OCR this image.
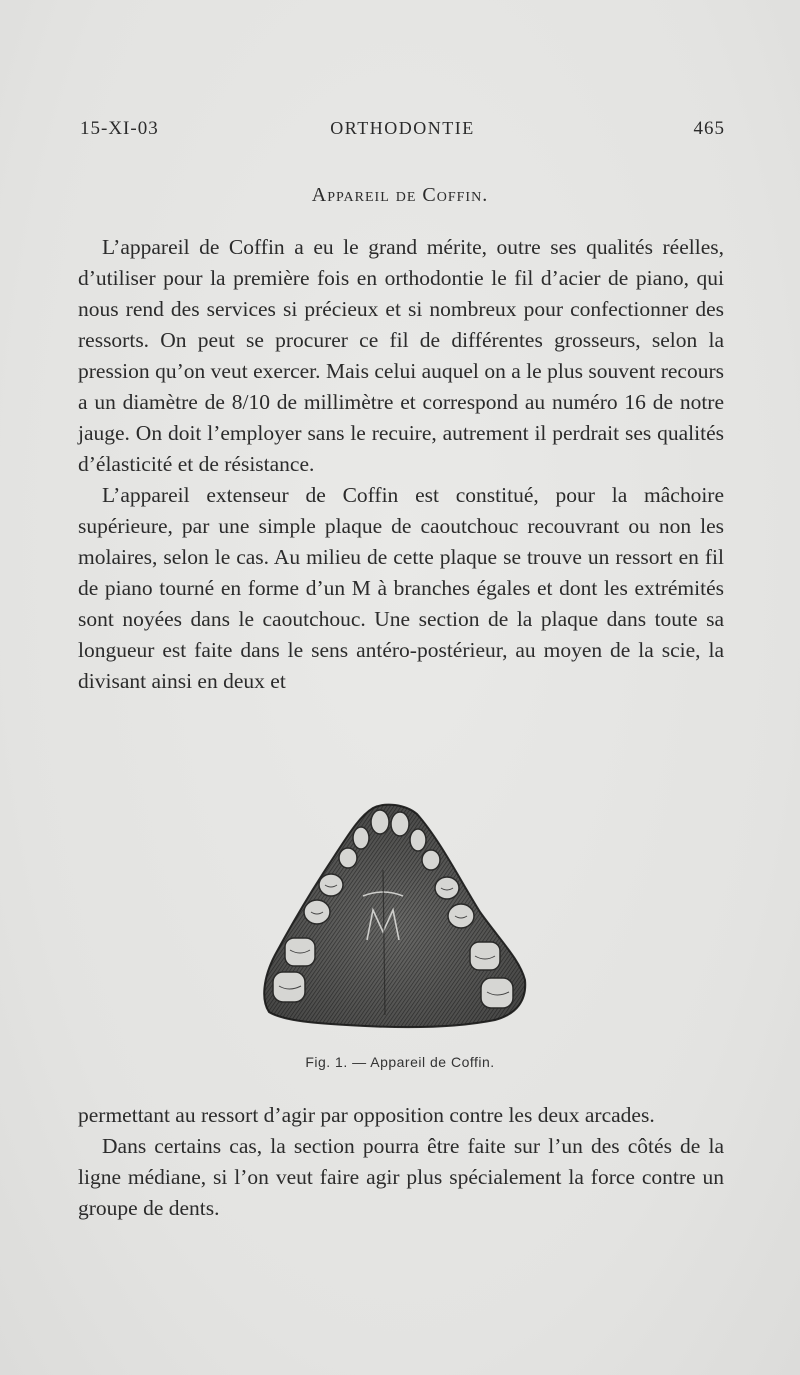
15-XI-03	ORTHODONTIE	465
Appareil de Coffin.

L’appareil de Coffin a eu le grand mérite, outre ses qualités réelles, d’utiliser pour la première fois en orthodontie le fil d’acier de piano, qui nous rend des services si précieux et si nombreux pour confectionner des ressorts. On peut se procurer ce fil de différentes grosseurs, selon la pression qu’on veut exercer. Mais celui auquel on a le plus souvent recours a un diamètre de 8/10 de millimètre et correspond au numéro 16 de notre jauge. On doit l’employer sans le recuire, autrement il perdrait ses qualités d’élasticité et de résistance.

L’appareil extenseur de Coffin est constitué, pour la mâchoire supérieure, par une simple plaque de caoutchouc recouvrant ou non les molaires, selon le cas. Au milieu de cette plaque se trouve un ressort en fil de piano tourné en forme d’un M à branches égales et dont les extrémités sont noyées dans le caoutchouc. Une section de la plaque dans toute sa longueur est faite dans le sens antéro-postérieur, au moyen de la scie, la divisant ainsi en deux et

Fig. 1. — Appareil de Coffin.

permettant au ressort d’agir par opposition contre les deux arcades.

Dans certains cas, la section pourra être faite sur l’un des côtés de la ligne médiane, si l’on veut faire agir plus spécialement la force contre un groupe de dents.
